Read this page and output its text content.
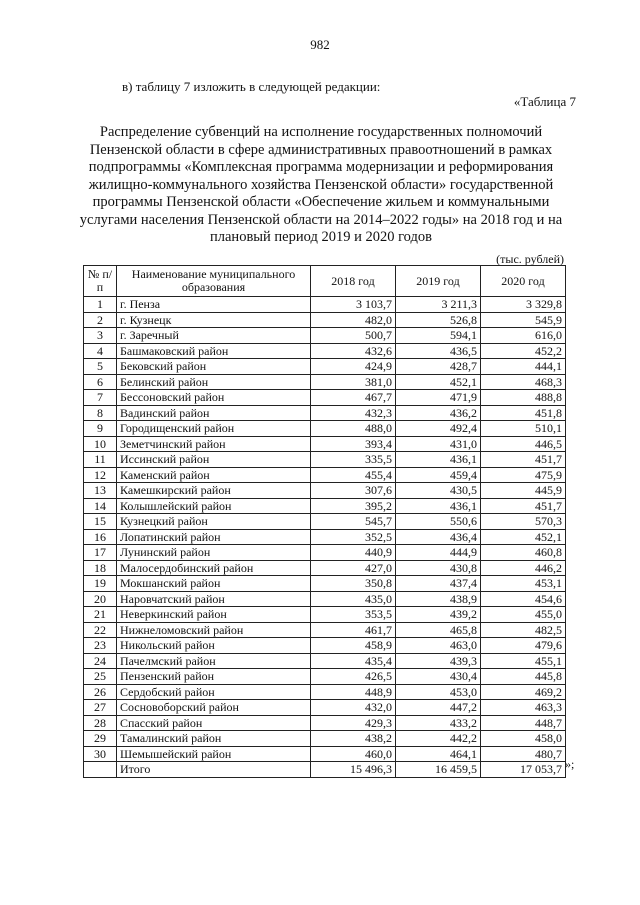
982
в) таблицу 7 изложить в следующей редакции:
«Таблица 7
Распределение субвенций на исполнение государственных полномочий Пензенской области в сфере административных правоотношений в рамках подпрограммы «Комплексная программа модернизации и реформирования жилищно-коммунального хозяйства Пензенской области» государственной программы Пензенской области «Обеспечение жильем и коммунальными услугами населения Пензенской области на 2014–2022 годы» на 2018 год и на плановый период 2019 и 2020 годов
(тыс. рублей)
№ п/п	Наименование муниципального образования	2018 год	2019 год	2020 год
1	г. Пенза	3 103,7	3 211,3	3 329,8
2	г. Кузнецк	482,0	526,8	545,9
3	г. Заречный	500,7	594,1	616,0
4	Башмаковский район	432,6	436,5	452,2
5	Бековский район	424,9	428,7	444,1
6	Белинский район	381,0	452,1	468,3
7	Бессоновский район	467,7	471,9	488,8
8	Вадинский район	432,3	436,2	451,8
9	Городищенский район	488,0	492,4	510,1
10	Земетчинский район	393,4	431,0	446,5
11	Иссинский район	335,5	436,1	451,7
12	Каменский район	455,4	459,4	475,9
13	Камешкирский район	307,6	430,5	445,9
14	Колышлейский район	395,2	436,1	451,7
15	Кузнецкий район	545,7	550,6	570,3
16	Лопатинский район	352,5	436,4	452,1
17	Лунинский район	440,9	444,9	460,8
18	Малосердобинский район	427,0	430,8	446,2
19	Мокшанский район	350,8	437,4	453,1
20	Наровчатский район	435,0	438,9	454,6
21	Неверкинский район	353,5	439,2	455,0
22	Нижнеломовский район	461,7	465,8	482,5
23	Никольский район	458,9	463,0	479,6
24	Пачелмский район	435,4	439,3	455,1
25	Пензенский район	426,5	430,4	445,8
26	Сердобский район	448,9	453,0	469,2
27	Сосновоборский район	432,0	447,2	463,3
28	Спасский район	429,3	433,2	448,7
29	Тамалинский район	438,2	442,2	458,0
30	Шемышейский район	460,0	464,1	480,7
	Итого	15 496,3	16 459,5	17 053,7 »;
